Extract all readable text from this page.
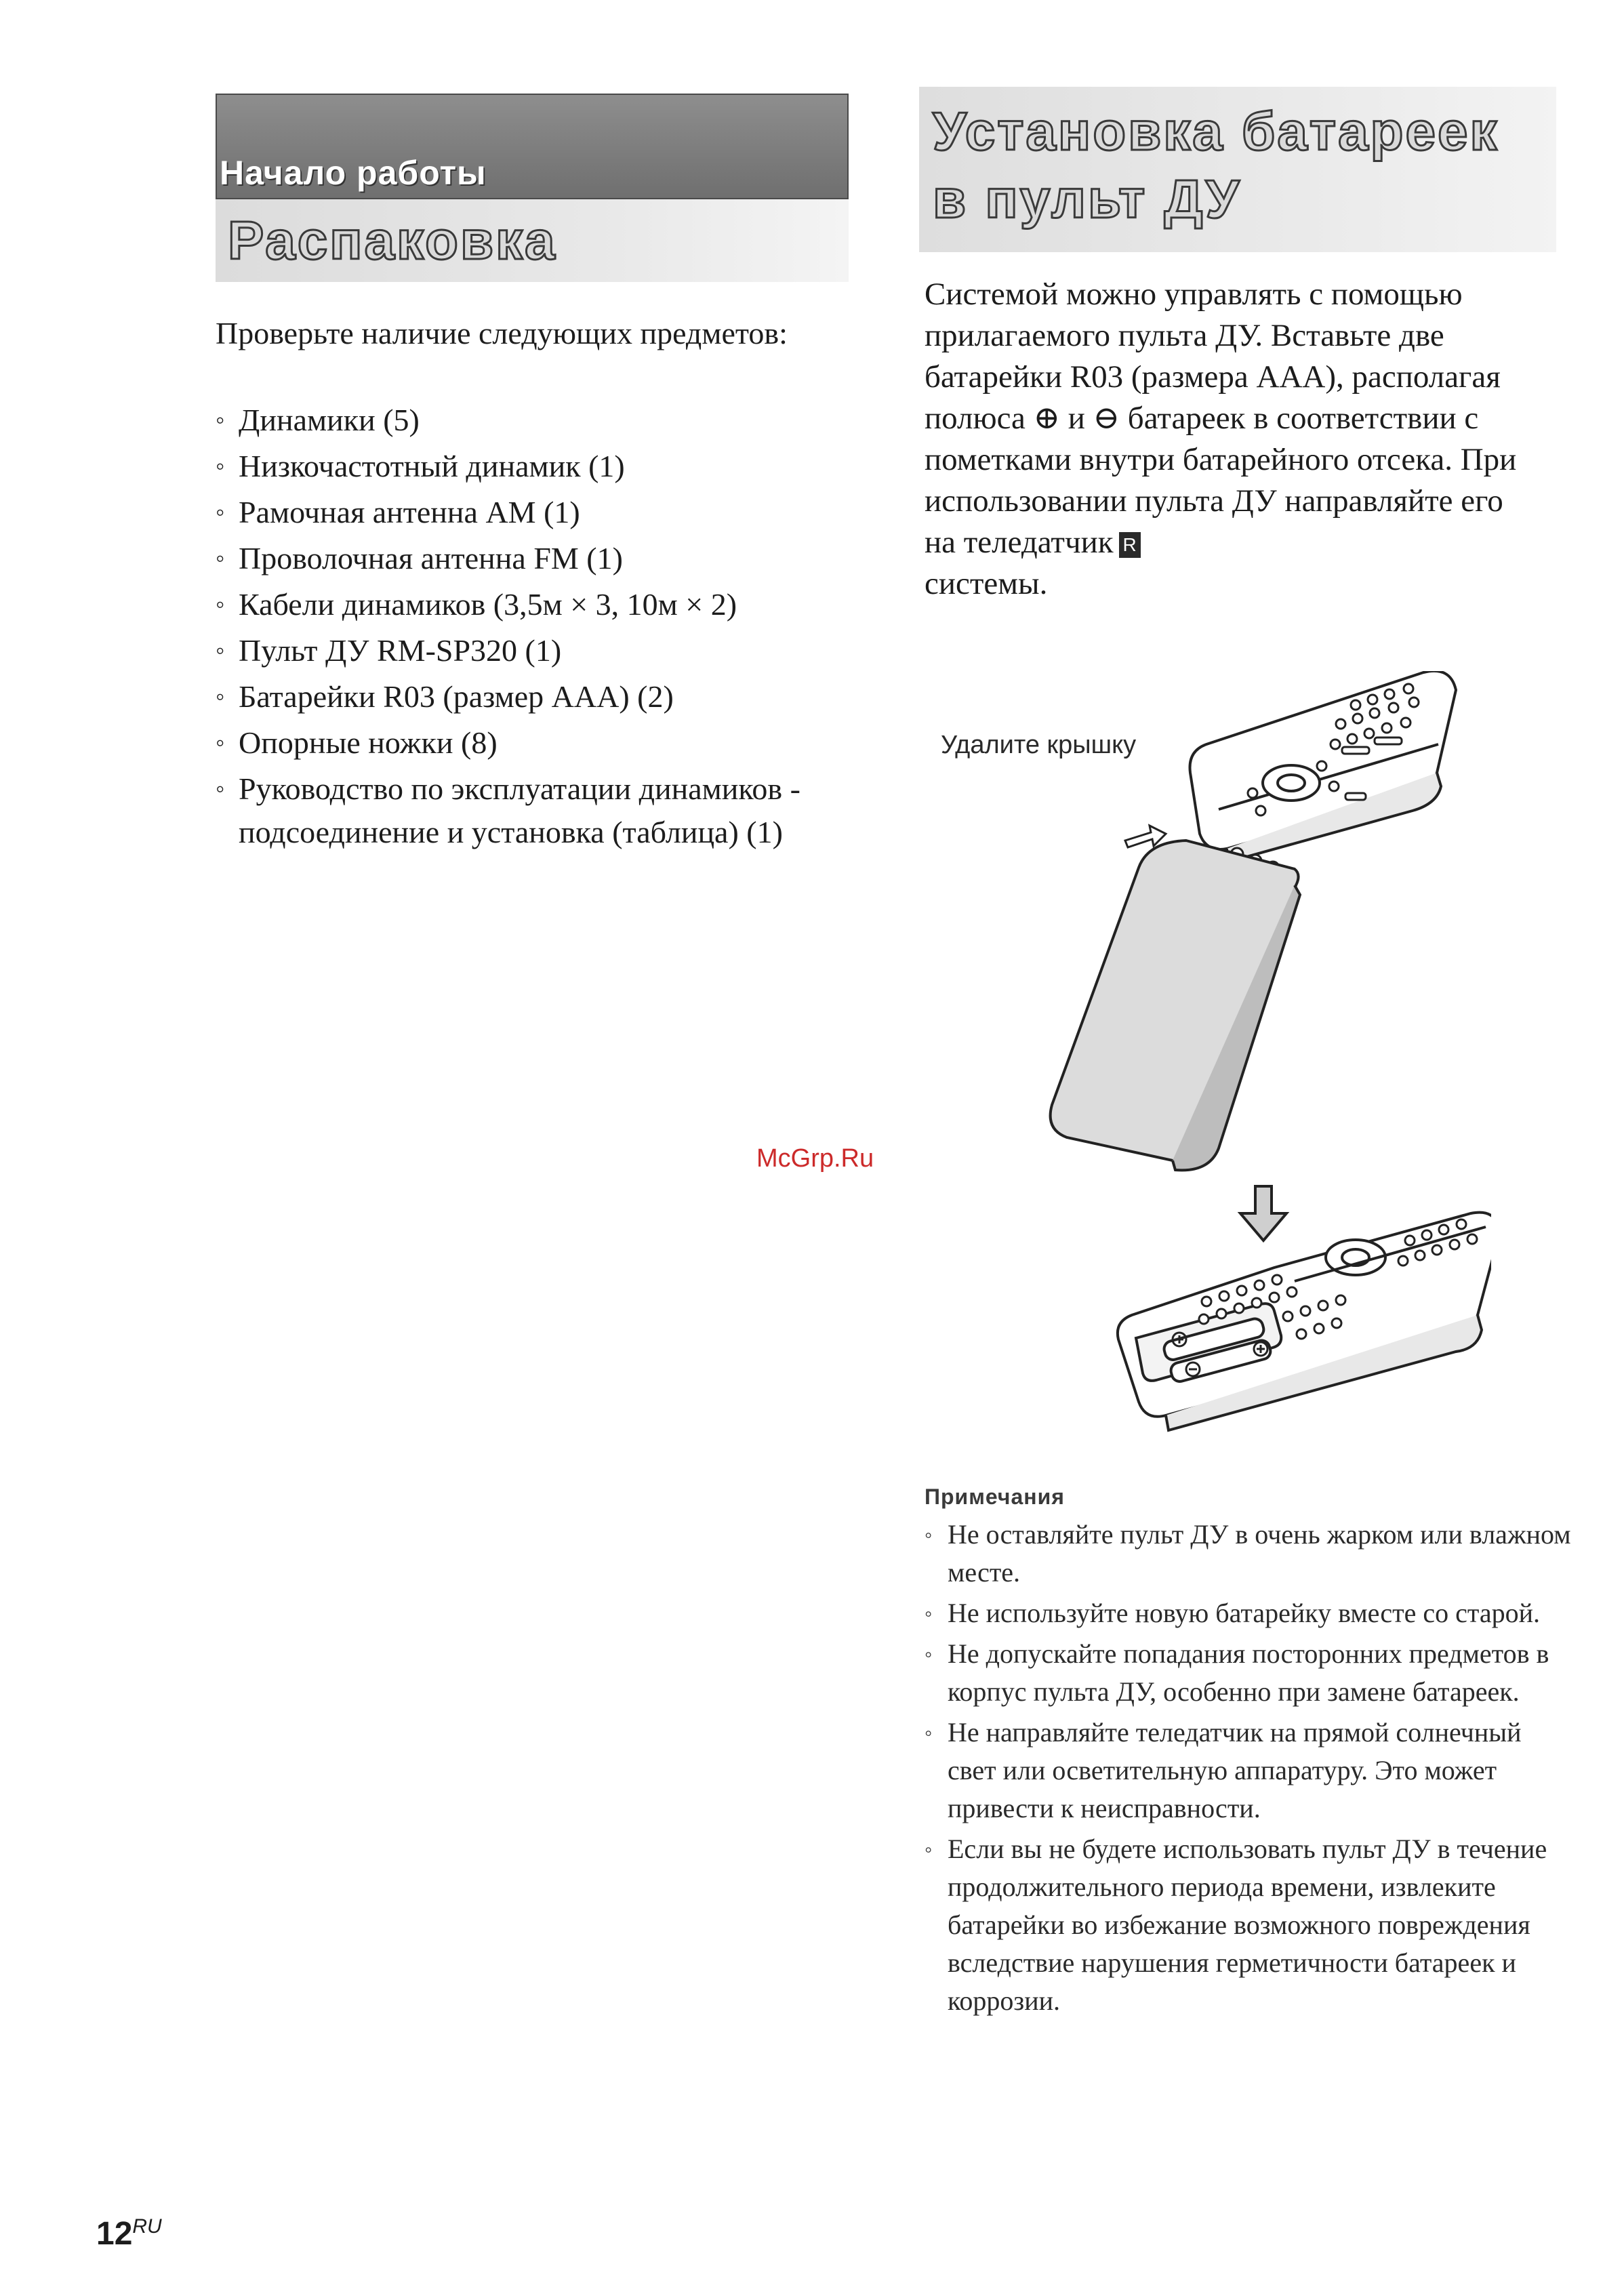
Начало работы
Распаковка
Проверьте наличие следующих предметов:
◦ Динамики (5)
◦ Низкочастотный динамик (1)
◦ Рамочная антенна AM (1)
◦ Проволочная антенна FM (1)
◦ Кабели динамиков (3,5м × 3, 10м × 2)
◦ Пульт ДУ RM-SP320 (1)
◦ Батарейки R03 (размер AAA) (2)
◦ Опорные ножки (8)
◦ Руководство по эксплуатации динамиков - подсоединение и установка (таблица) (1)
Установка батареек в пульт ДУ

Системой можно управлять с помощью прилагаемого пульта ДУ. Вставьте две батарейки R03 (размера AAA), располагая полюса ⊕ и ⊖ батареек в соответствии с пометками внутри батарейного отсека. При использовании пульта ДУ направляйте его на теледатчик R

системы.

Удалите крышку
McGrp.Ru
Примечания
◦ Не оставляйте пульт ДУ в очень жарком или влажном месте.
◦ Не используйте новую батарейку вместе со старой.
◦ Не допускайте попадания посторонних предметов в корпус пульта ДУ, особенно при замене батареек.
◦ Не направляйте теледатчик на прямой солнечный свет или осветительную аппаратуру. Это может привести к неисправности.
◦ Если вы не будете использовать пульт ДУ в течение продолжительного периода времени, извлеките батарейки во избежание возможного повреждения вследствие нарушения герметичности батареек и коррозии.
$12^{RU}$
